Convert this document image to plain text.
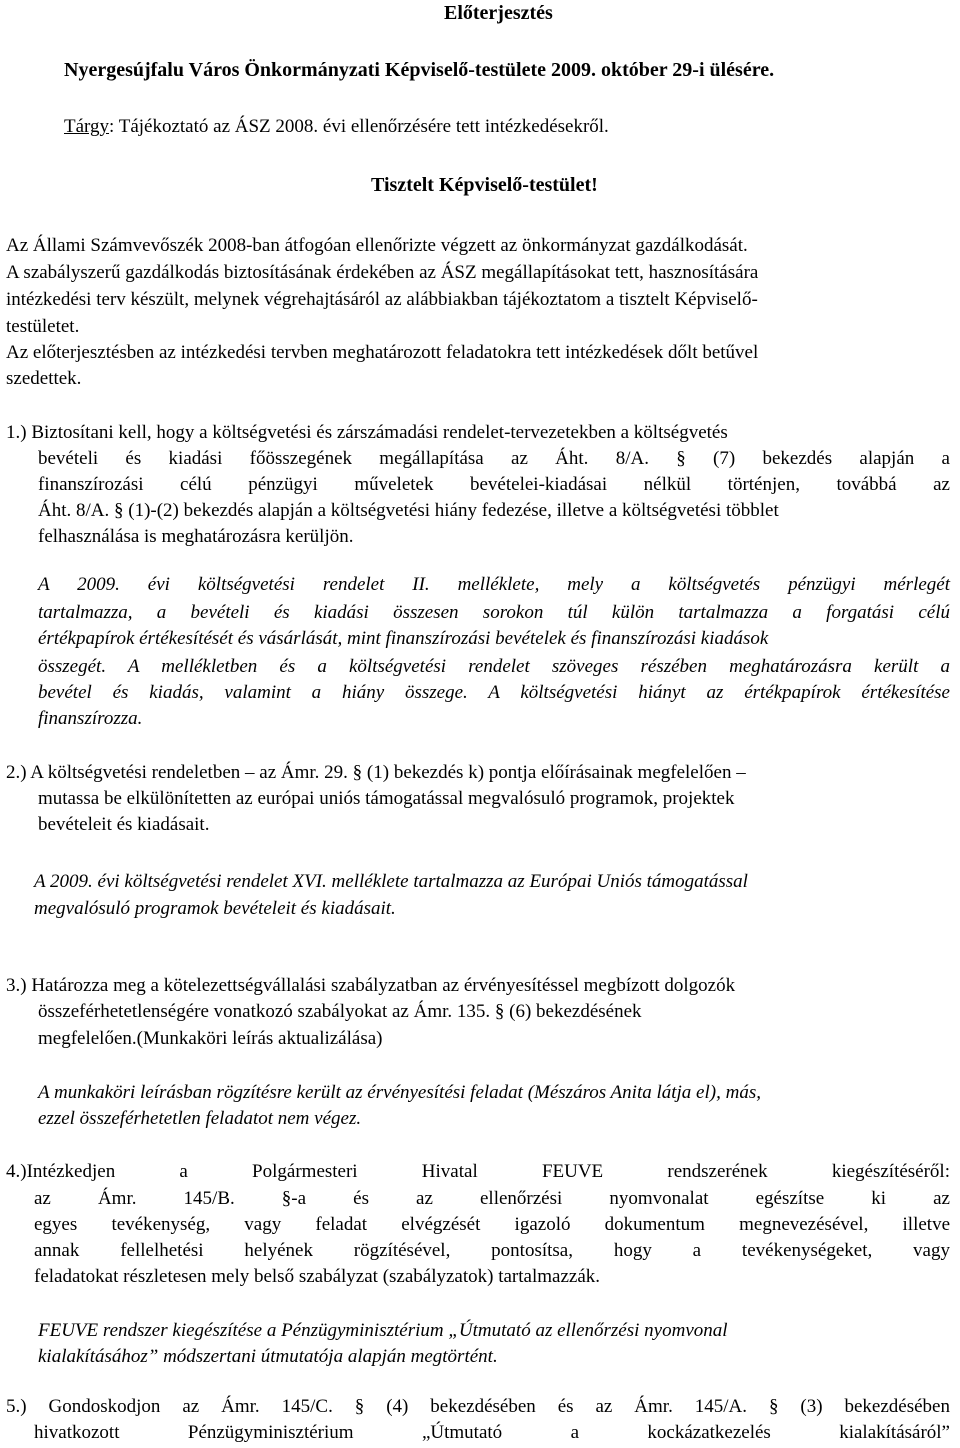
Előterjesztés
Nyergesújfalu Város Önkormányzati Képviselő-testülete 2009. október 29-i ülésére.
Tárgy: Tájékoztató az ÁSZ 2008. évi ellenőrzésére tett intézkedésekről.
Tisztelt Képviselő-testület!
Az Állami Számvevőszék 2008-ban átfogóan ellenőrizte végzett az önkormányzat gazdálkodását.
A szabályszerű gazdálkodás biztosításának érdekében az ÁSZ megállapításokat tett, hasznosítására
intézkedési terv készült, melynek végrehajtásáról az alábbiakban tájékoztatom a tisztelt Képviselő-
testületet.
Az előterjesztésben az intézkedési tervben meghatározott feladatokra tett intézkedések dőlt betűvel
szedettek.
1.) Biztosítani kell, hogy a költségvetési és zárszámadási rendelet-tervezetekben a költségvetés
bevételi és kiadási főösszegének megállapítása az Áht. 8/A. § (7) bekezdés alapján a
finanszírozási célú pénzügyi műveletek bevételei-kiadásai nélkül történjen, továbbá az
Áht. 8/A. § (1)-(2) bekezdés alapján a költségvetési hiány fedezése, illetve a költségvetési többlet
felhasználása is meghatározásra kerüljön.
A 2009. évi költségvetési rendelet II. melléklete, mely a költségvetés pénzügyi mérlegét
tartalmazza, a bevételi és kiadási összesen sorokon túl külön tartalmazza a forgatási célú
értékpapírok értékesítését és vásárlását, mint finanszírozási bevételek és finanszírozási kiadások
összegét. A mellékletben és a költségvetési rendelet szöveges részében meghatározásra került a
bevétel és kiadás, valamint a hiány összege. A költségvetési hiányt az értékpapírok értékesítése
finanszírozza.
2.) A költségvetési rendeletben – az Ámr. 29. § (1) bekezdés k) pontja előírásainak megfelelően –
mutassa be elkülönítetten az európai uniós támogatással megvalósuló programok, projektek
bevételeit és kiadásait.
A 2009. évi költségvetési rendelet XVI. melléklete tartalmazza az Európai Uniós támogatással
megvalósuló programok bevételeit és kiadásait.
3.) Határozza meg a kötelezettségvállalási szabályzatban az érvényesítéssel megbízott dolgozók
összeférhetetlenségére vonatkozó szabályokat az Ámr. 135. § (6) bekezdésének
megfelelően.(Munkaköri leírás aktualizálása)
A munkaköri leírásban rögzítésre került az érvényesítési feladat (Mészáros Anita látja el), más,
ezzel összeférhetetlen feladatot nem végez.
4.)Intézkedjen a Polgármesteri Hivatal FEUVE rendszerének kiegészítéséről:
az Ámr. 145/B. §-a és az ellenőrzési nyomvonalat egészítse ki az
egyes tevékenység, vagy feladat elvégzését igazoló dokumentum megnevezésével, illetve
annak fellelhetési helyének rögzítésével, pontosítsa, hogy a tevékenységeket, vagy
feladatokat részletesen mely belső szabályzat (szabályzatok) tartalmazzák.
FEUVE rendszer kiegészítése a Pénzügyminisztérium „Útmutató az ellenőrzési nyomvonal
kialakításához” módszertani útmutatója alapján megtörtént.
5.) Gondoskodjon az Ámr. 145/C. § (4) bekezdésében és az Ámr. 145/A. § (3) bekezdésében
hivatkozott Pénzügyminisztérium „Útmutató a kockázatkezelés kialakításáról”
